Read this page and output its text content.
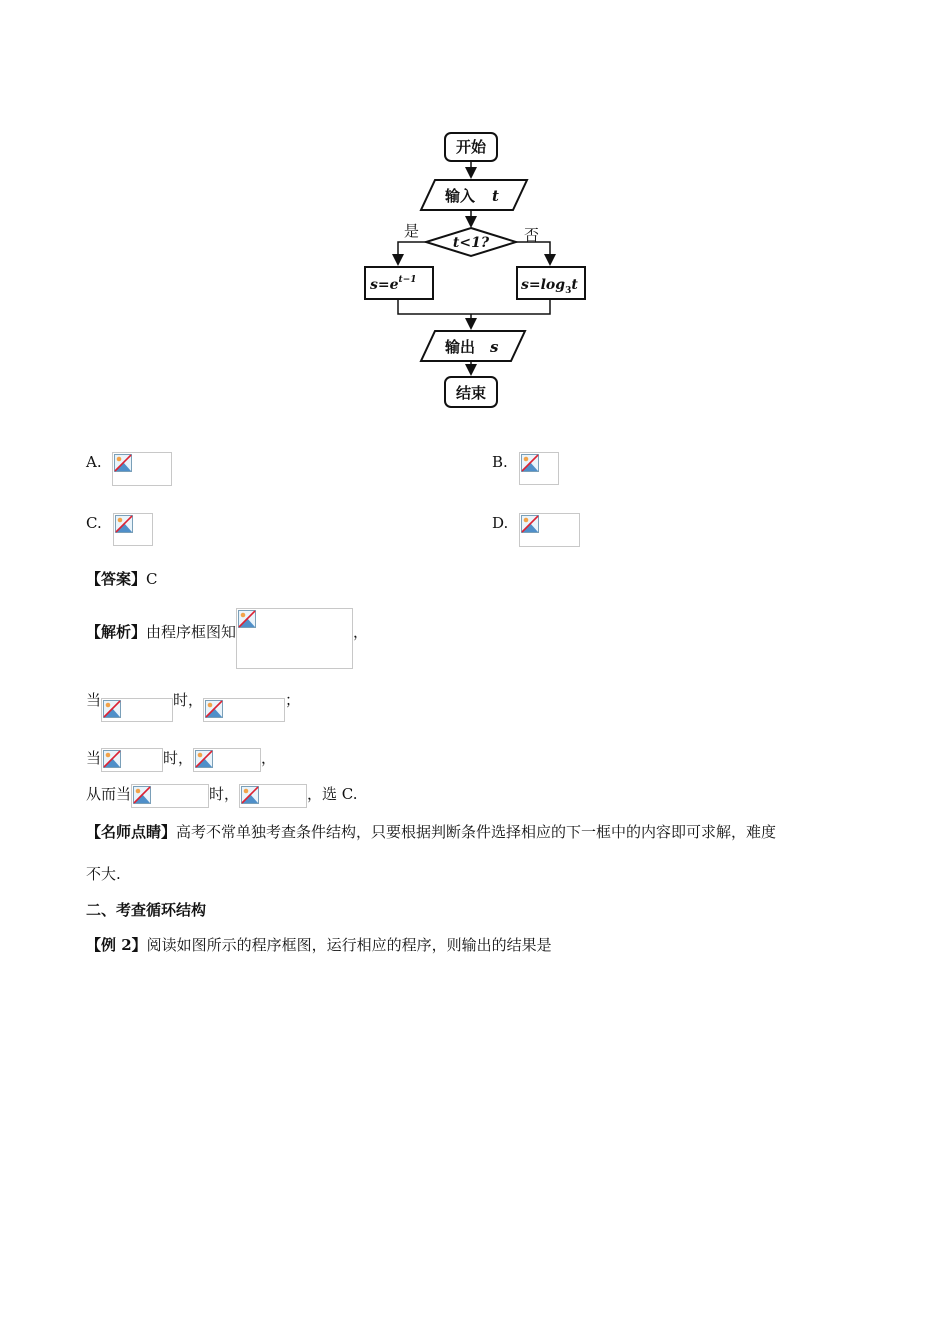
开始
输入 t
t<1?
是	否
$s=e^{t-1}$	$s=\log_3t$
输出 s
结束
A.	B.
C.	D.
【答案】C
【解析】由程序框图知	，
当	时，	；
当	时，	，
从而当	时，	，选 C.
【名师点睛】高考不常单独考查条件结构，只要根据判断条件选择相应的下一框中的内容即可求解，难度
不大.
二、考查循环结构
【例 2】阅读如图所示的程序框图，运行相应的程序，则输出的结果是
